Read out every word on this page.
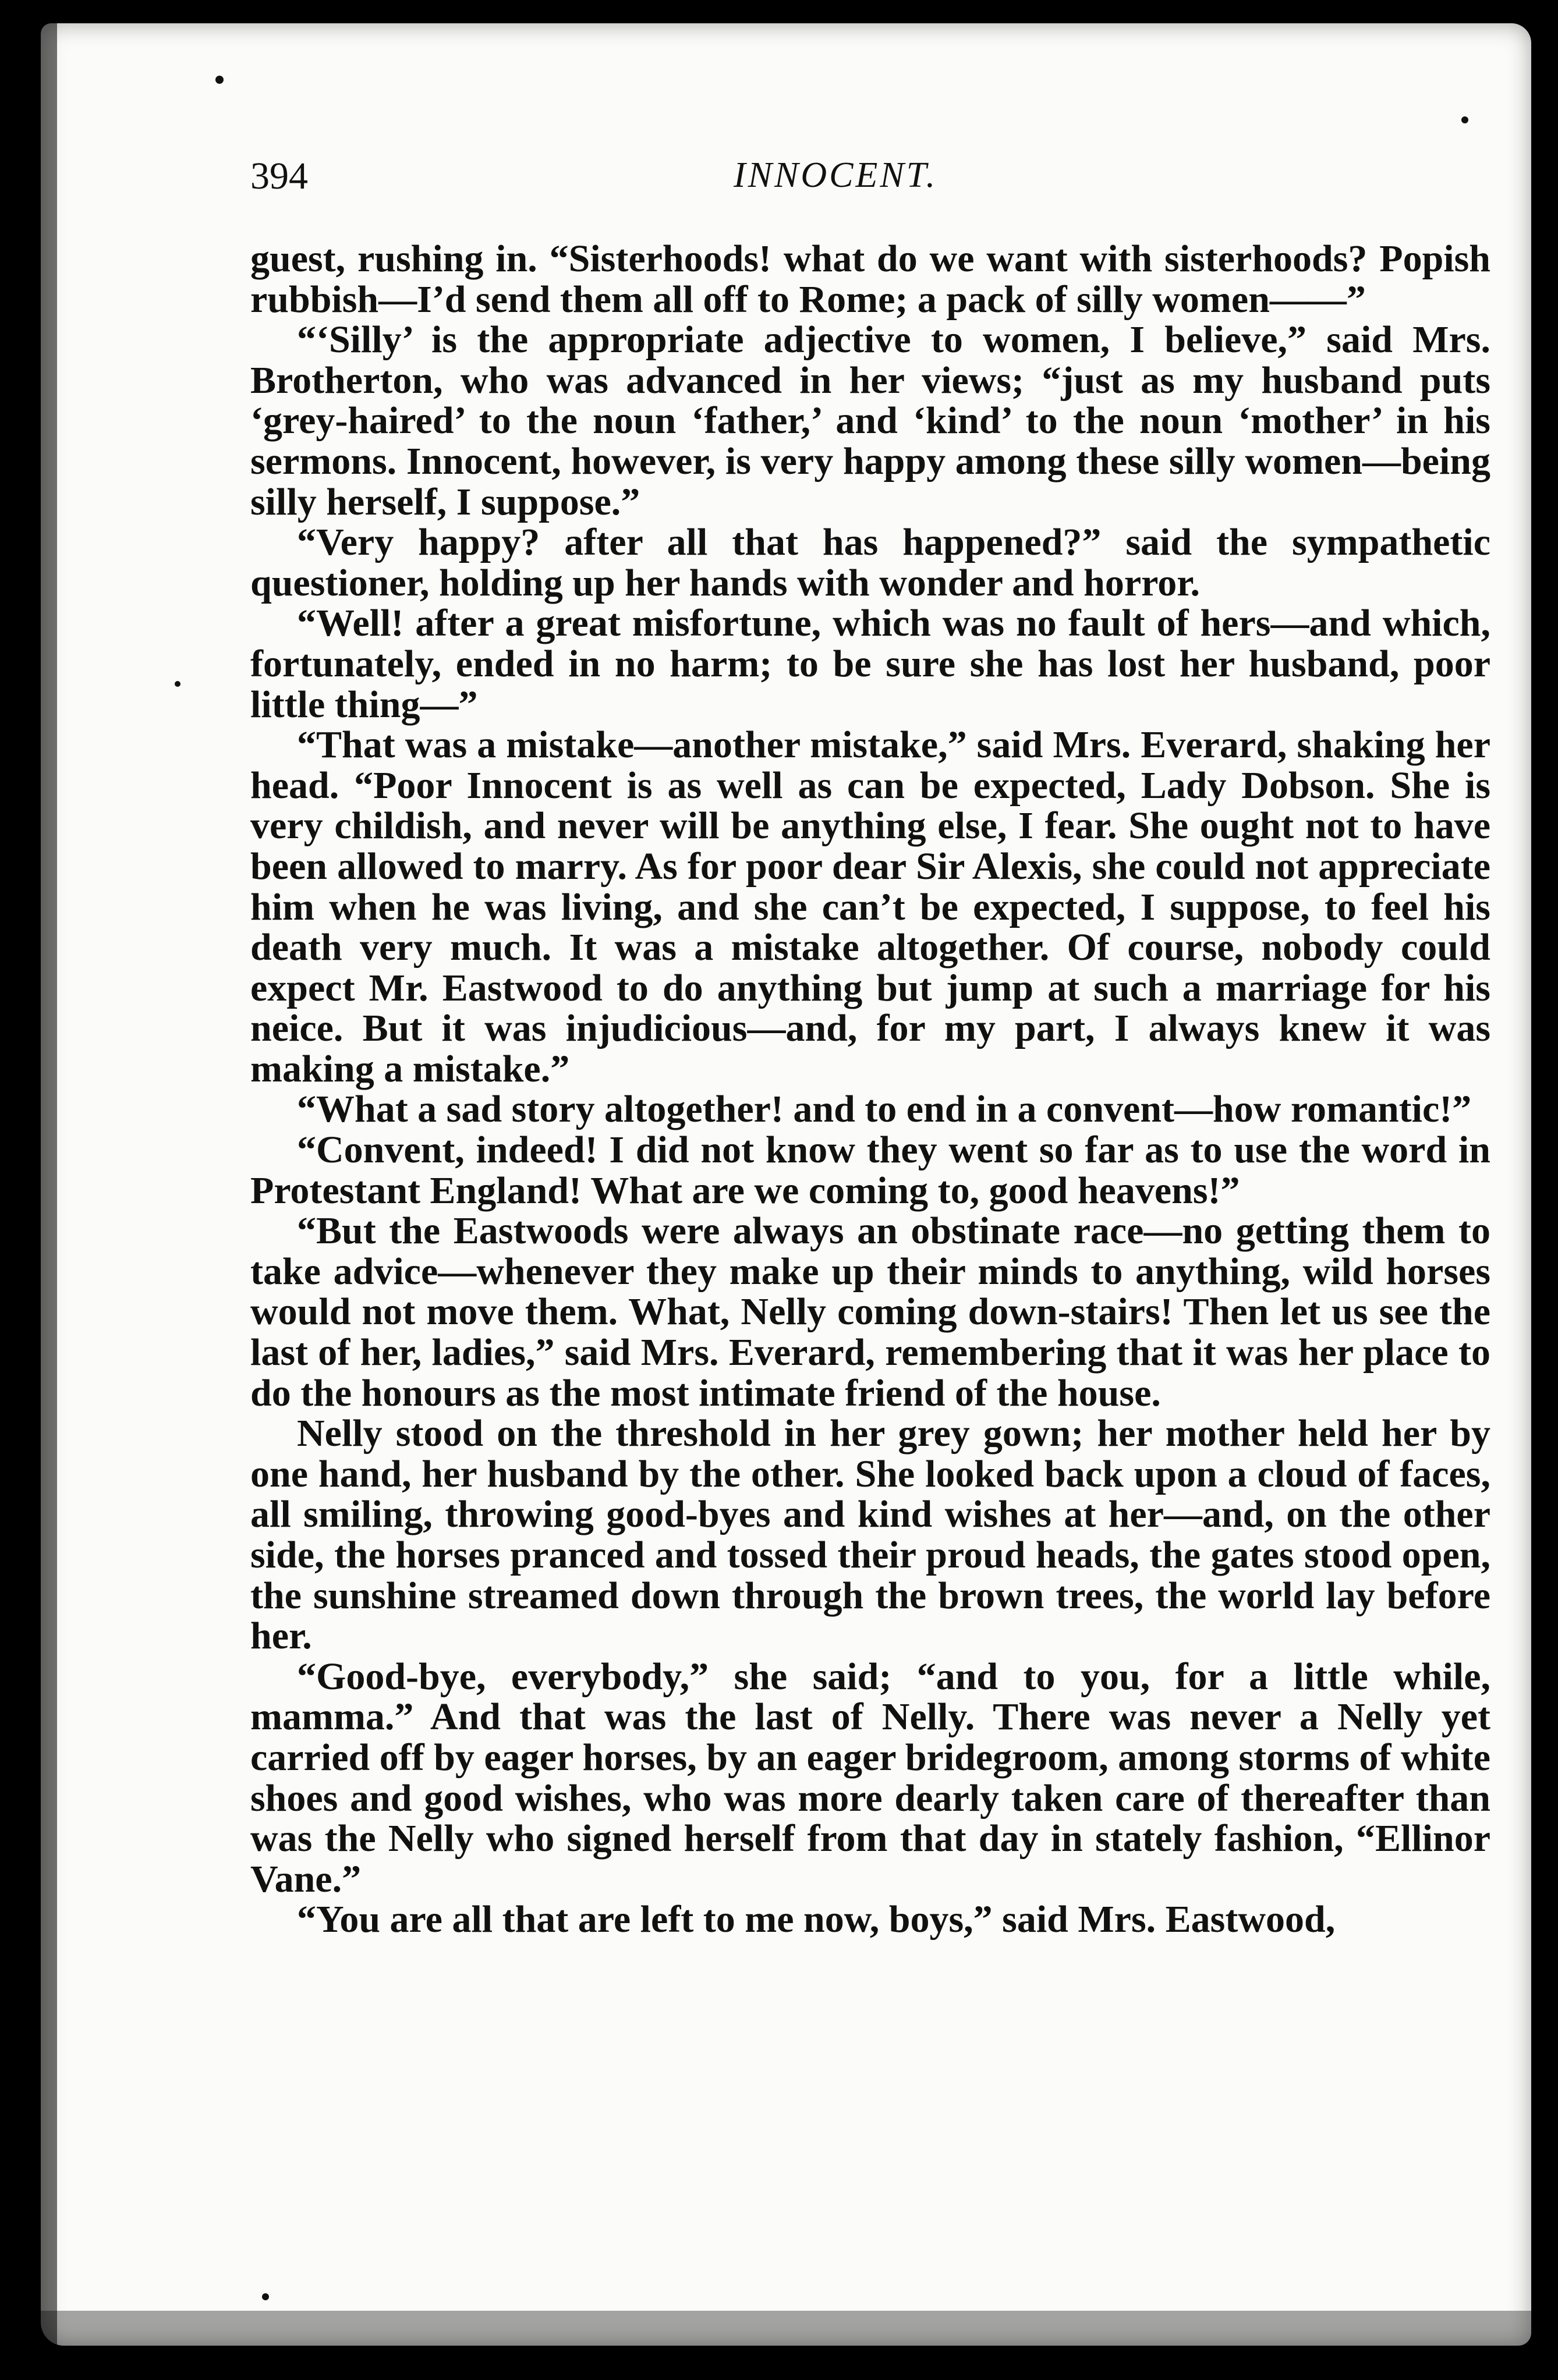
394	INNOCENT.

guest, rushing in. “Sisterhoods! what do we want with sisterhoods? Popish rubbish—I’d send them all off to Rome; a pack of silly women——”

“‘Silly’ is the appropriate adjective to women, I believe,” said Mrs. Brotherton, who was advanced in her views; “just as my husband puts ‘grey-haired’ to the noun ‘father,’ and ‘kind’ to the noun ‘mother’ in his sermons. Innocent, however, is very happy among these silly women—being silly herself, I suppose.”

“Very happy? after all that has happened?” said the sympathetic questioner, holding up her hands with wonder and horror.

“Well! after a great misfortune, which was no fault of hers—and which, fortunately, ended in no harm; to be sure she has lost her husband, poor little thing—”

“That was a mistake—another mistake,” said Mrs. Everard, shaking her head. “Poor Innocent is as well as can be expected, Lady Dobson. She is very childish, and never will be anything else, I fear. She ought not to have been allowed to marry. As for poor dear Sir Alexis, she could not appreciate him when he was living, and she can’t be expected, I suppose, to feel his death very much. It was a mistake altogether. Of course, nobody could expect Mr. Eastwood to do anything but jump at such a marriage for his neice. But it was injudicious—and, for my part, I always knew it was making a mistake.”

“What a sad story altogether! and to end in a convent—how romantic!”

“Convent, indeed! I did not know they went so far as to use the word in Protestant England! What are we coming to, good heavens!”

“But the Eastwoods were always an obstinate race—no getting them to take advice—whenever they make up their minds to anything, wild horses would not move them. What, Nelly coming down-stairs! Then let us see the last of her, ladies,” said Mrs. Everard, remembering that it was her place to do the honours as the most intimate friend of the house.

Nelly stood on the threshold in her grey gown; her mother held her by one hand, her husband by the other. She looked back upon a cloud of faces, all smiling, throwing good-byes and kind wishes at her—and, on the other side, the horses pranced and tossed their proud heads, the gates stood open, the sunshine streamed down through the brown trees, the world lay before her.

“Good-bye, everybody,” she said; “and to you, for a little while, mamma.” And that was the last of Nelly. There was never a Nelly yet carried off by eager horses, by an eager bridegroom, among storms of white shoes and good wishes, who was more dearly taken care of thereafter than was the Nelly who signed herself from that day in stately fashion, “Ellinor Vane.”

“You are all that are left to me now, boys,” said Mrs. Eastwood,
